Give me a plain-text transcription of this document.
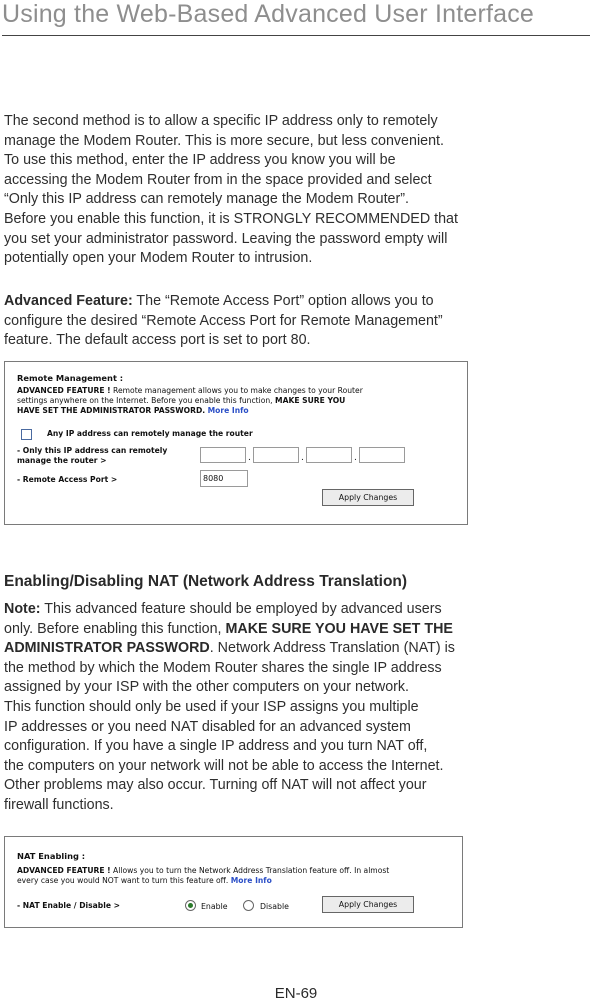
Using the Web-Based Advanced User Interface
The second method is to allow a specific IP address only to remotely
manage the Modem Router. This is more secure, but less convenient.
To use this method, enter the IP address you know you will be
accessing the Modem Router from in the space provided and select
“Only this IP address can remotely manage the Modem Router”.
Before you enable this function, it is STRONGLY RECOMMENDED that
you set your administrator password. Leaving the password empty will
potentially open your Modem Router to intrusion.
Advanced Feature: The “Remote Access Port” option allows you to
configure the desired “Remote Access Port for Remote Management”
feature. The default access port is set to port 80.
Remote Management :
ADVANCED FEATURE ! Remote management allows you to make changes to your Router
settings anywhere on the Internet. Before you enable this function, MAKE SURE YOU
HAVE SET THE ADMINISTRATOR PASSWORD. More Info
Any IP address can remotely manage the router
- Only this IP address can remotely
manage the router >	.	.	.
- Remote Access Port >	8080
Apply Changes
Enabling/Disabling NAT (Network Address Translation)
Note: This advanced feature should be employed by advanced users
only. Before enabling this function, MAKE SURE YOU HAVE SET THE
ADMINISTRATOR PASSWORD. Network Address Translation (NAT) is
the method by which the Modem Router shares the single IP address
assigned by your ISP with the other computers on your network.
This function should only be used if your ISP assigns you multiple
IP addresses or you need NAT disabled for an advanced system
configuration. If you have a single IP address and you turn NAT off,
the computers on your network will not be able to access the Internet.
Other problems may also occur. Turning off NAT will not affect your
firewall functions.
NAT Enabling :
ADVANCED FEATURE ! Allows you to turn the Network Address Translation feature off. In almost
every case you would NOT want to turn this feature off. More Info
- NAT Enable / Disable >	Enable	Disable	Apply Changes
EN-69
